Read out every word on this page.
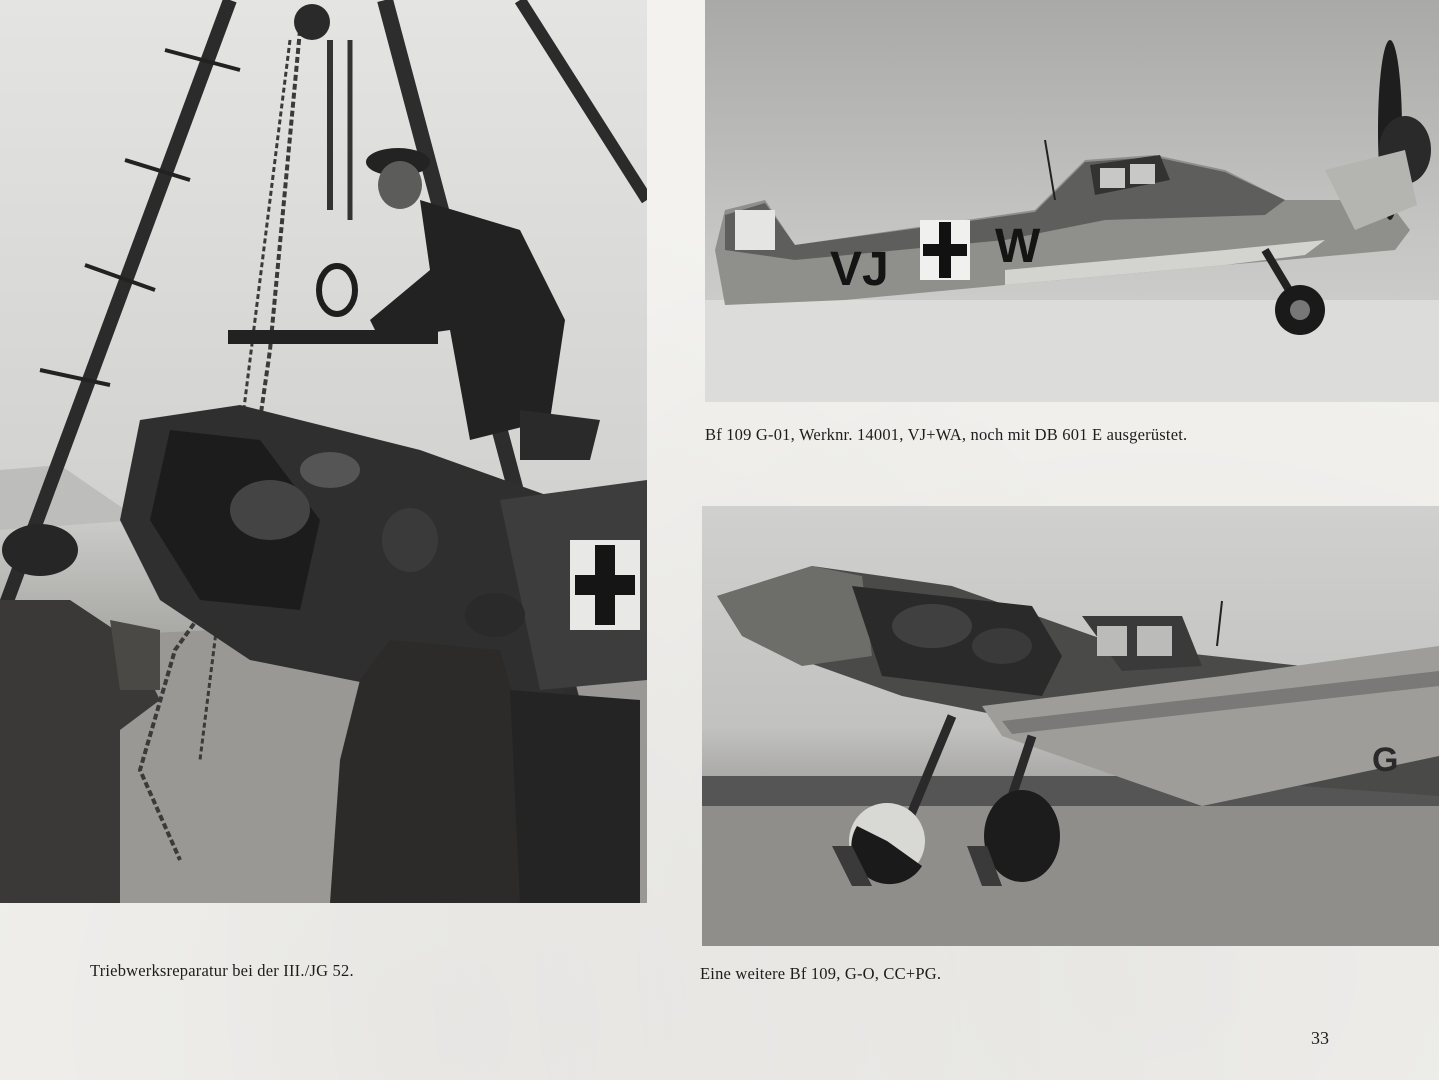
VJ W
G
Triebwerksreparatur bei der III./JG 52.
Bf 109 G-01, Werknr. 14001, VJ+WA, noch mit DB 601 E ausgerüstet.
Eine weitere Bf 109, G-O, CC+PG.
33
